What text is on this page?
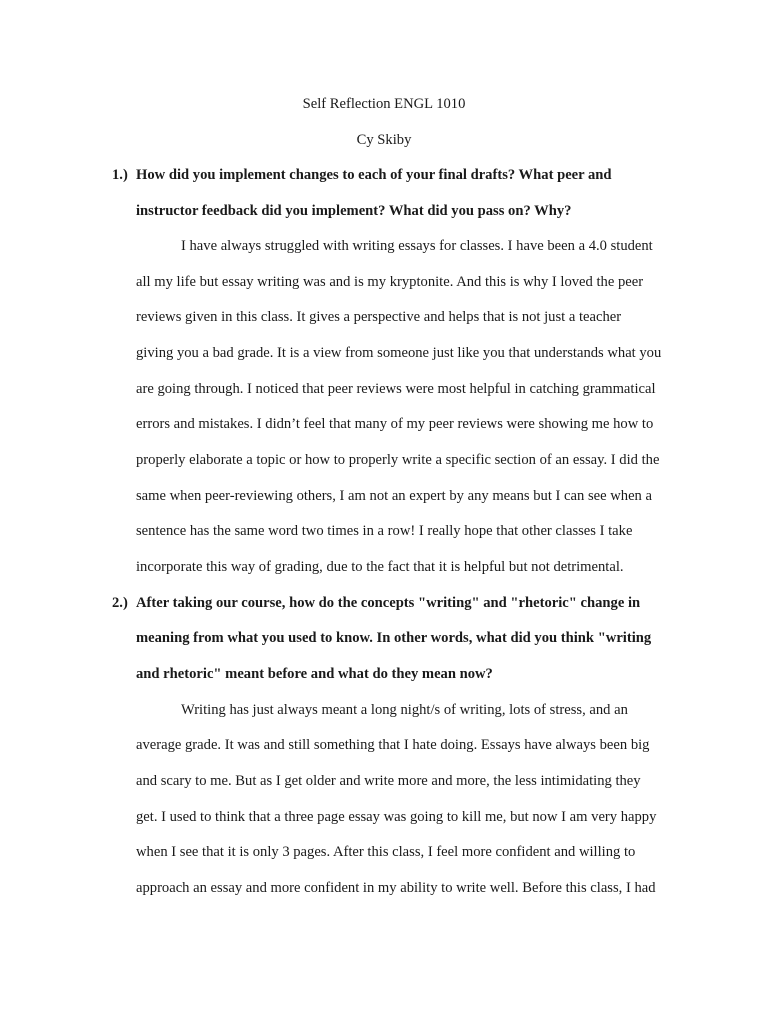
Self Reflection ENGL 1010
Cy Skiby
1.) How did you implement changes to each of your final drafts? What peer and
instructor feedback did you implement? What did you pass on? Why?
I have always struggled with writing essays for classes. I have been a 4.0 student
all my life but essay writing was and is my kryptonite. And this is why I loved the peer
reviews given in this class. It gives a perspective and helps that is not just a teacher
giving you a bad grade. It is a view from someone just like you that understands what you
are going through. I noticed that peer reviews were most helpful in catching grammatical
errors and mistakes. I didn’t feel that many of my peer reviews were showing me how to
properly elaborate a topic or how to properly write a specific section of an essay. I did the
same when peer-reviewing others, I am not an expert by any means but I can see when a
sentence has the same word two times in a row! I really hope that other classes I take
incorporate this way of grading, due to the fact that it is helpful but not detrimental.
2.) After taking our course, how do the concepts "writing" and "rhetoric" change in
meaning from what you used to know. In other words, what did you think "writing
and rhetoric" meant before and what do they mean now?
Writing has just always meant a long night/s of writing, lots of stress, and an
average grade. It was and still something that I hate doing. Essays have always been big
and scary to me. But as I get older and write more and more, the less intimidating they
get. I used to think that a three page essay was going to kill me, but now I am very happy
when I see that it is only 3 pages. After this class, I feel more confident and willing to
approach an essay and more confident in my ability to write well. Before this class, I had
